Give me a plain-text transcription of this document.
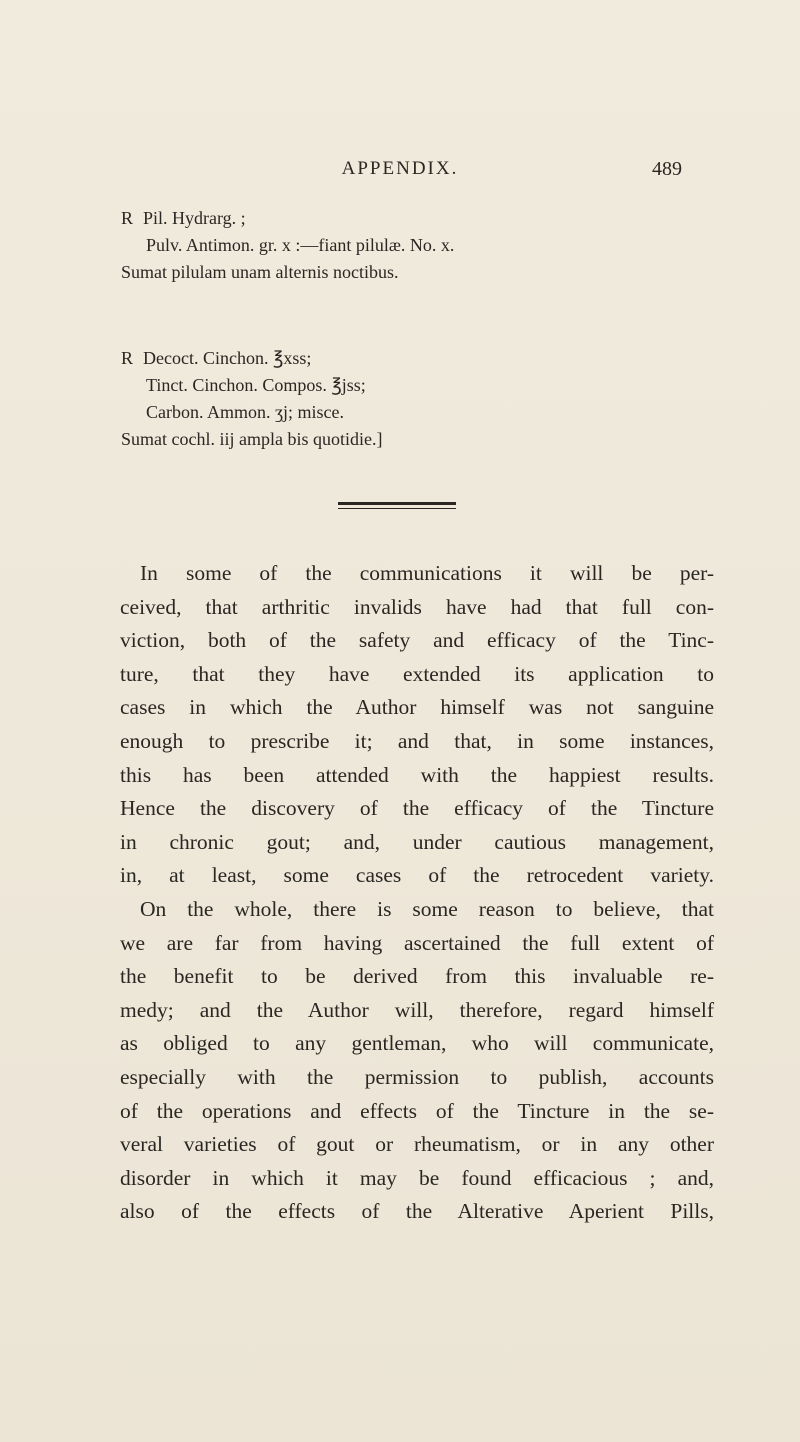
APPENDIX.	489
R Pil. Hydrarg. ;
Pulv. Antimon. gr. x :—fiant pilulæ. No. x.
Sumat pilulam unam alternis noctibus.
R Decoct. Cinchon. ℥xss;
Tinct. Cinchon. Compos. ℥jss;
Carbon. Ammon. ʒj; misce.
Sumat cochl. iij ampla bis quotidie.]
In some of the communications it will be per-
ceived, that arthritic invalids have had that full con-
viction, both of the safety and efficacy of the Tinc-
ture, that they have extended its application to
cases in which the Author himself was not sanguine
enough to prescribe it; and that, in some instances,
this has been attended with the happiest results.
Hence the discovery of the efficacy of the Tincture
in chronic gout; and, under cautious management,
in, at least, some cases of the retrocedent variety.
On the whole, there is some reason to believe, that
we are far from having ascertained the full extent of
the benefit to be derived from this invaluable re-
medy; and the Author will, therefore, regard himself
as obliged to any gentleman, who will communicate,
especially with the permission to publish, accounts
of the operations and effects of the Tincture in the se-
veral varieties of gout or rheumatism, or in any other
disorder in which it may be found efficacious ; and,
also of the effects of the Alterative Aperient Pills,
